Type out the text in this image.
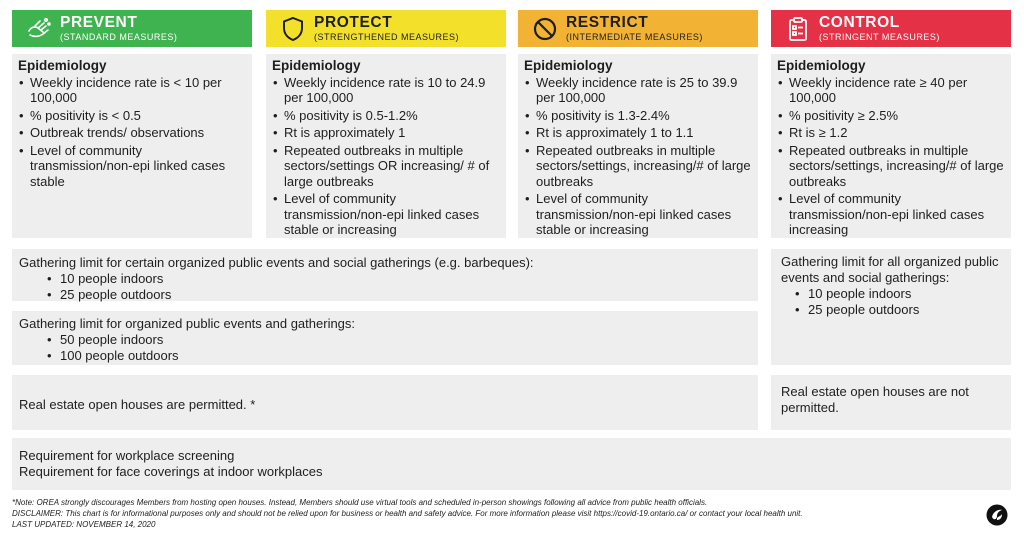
PREVENT
(STANDARD MEASURES)
PROTECT
(STRENGTHENED MEASURES)
RESTRICT
(INTERMEDIATE MEASURES)
CONTROL
(STRINGENT MEASURES)
Epidemiology
• Weekly incidence rate is < 10 per 100,000
• % positivity is < 0.5
• Outbreak trends/ observations
• Level of community transmission/non-epi linked cases stable
Epidemiology
• Weekly incidence rate is 10 to 24.9 per 100,000
• % positivity is 0.5-1.2%
• Rt is approximately 1
• Repeated outbreaks in multiple sectors/settings OR increasing/ # of large outbreaks
• Level of community transmission/non-epi linked cases stable or increasing
Epidemiology
• Weekly incidence rate is 25 to 39.9 per 100,000
• % positivity is 1.3-2.4%
• Rt is approximately 1 to 1.1
• Repeated outbreaks in multiple sectors/settings, increasing/# of large outbreaks
• Level of community transmission/non-epi linked cases stable or increasing
Epidemiology
• Weekly incidence rate ≥ 40 per 100,000
• % positivity ≥ 2.5%
• Rt is ≥ 1.2
• Repeated outbreaks in multiple sectors/settings, increasing/# of large outbreaks
• Level of community transmission/non-epi linked cases increasing
Gathering limit for certain organized public events and social gatherings (e.g. barbeques):
• 10 people indoors
• 25 people outdoors
Gathering limit for organized public events and gatherings:
• 50 people indoors
• 100 people outdoors
Gathering limit for all organized public events and social gatherings:
• 10 people indoors
• 25 people outdoors
Real estate open houses are permitted. *
Real estate open houses are not permitted.
Requirement for workplace screening
Requirement for face coverings at indoor workplaces
*Note: OREA strongly discourages Members from hosting open houses. Instead, Members should use virtual tools and scheduled in-person showings following all advice from public health officials.
DISCLAIMER: This chart is for informational purposes only and should not be relied upon for business or health and safety advice. For more information please visit https://covid-19.ontario.ca/ or contact your local health unit.
LAST UPDATED: NOVEMBER 14, 2020
